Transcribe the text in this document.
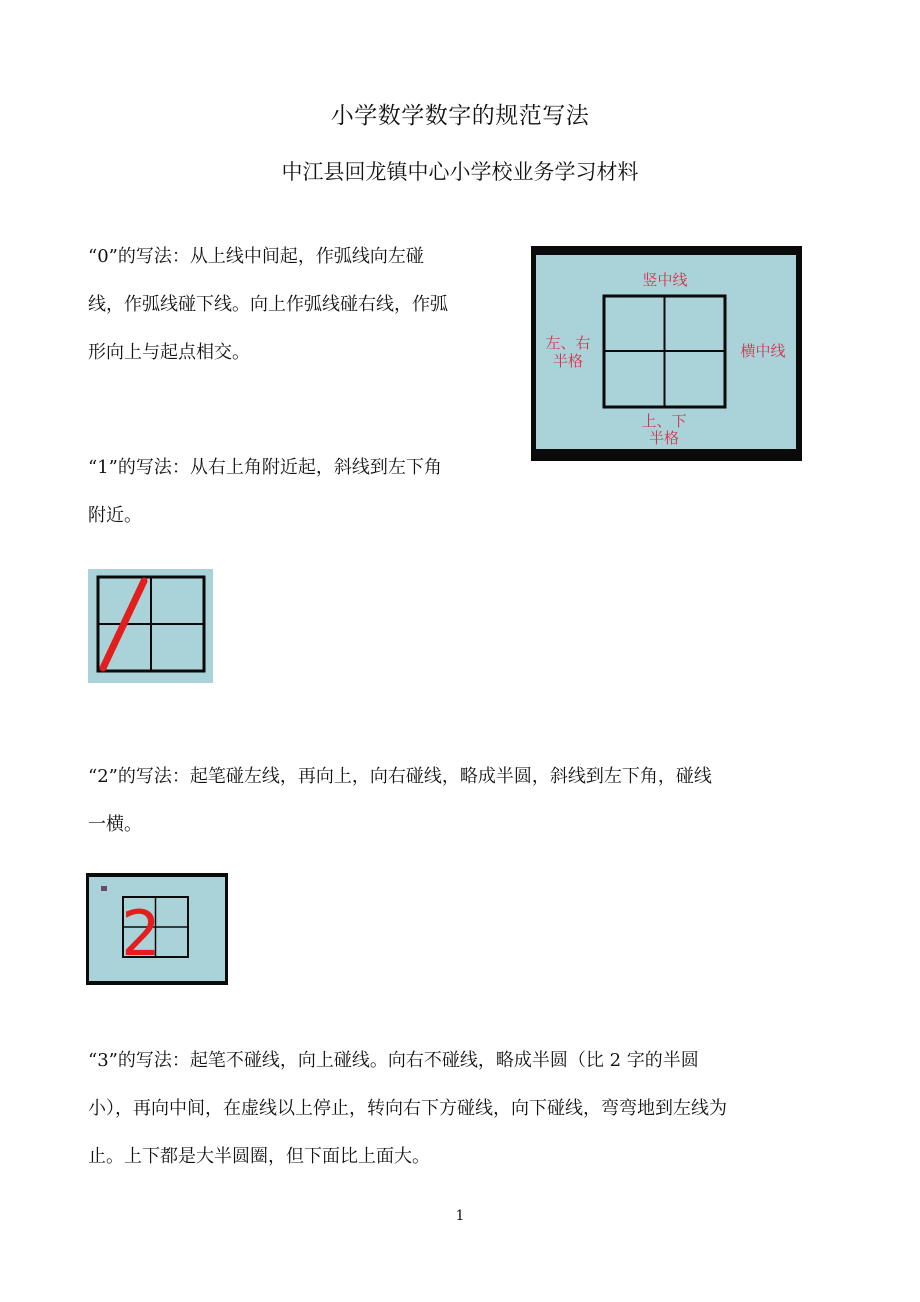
小学数学数字的规范写法
中江县回龙镇中心小学校业务学习材料
“0”的写法：从上线中间起，作弧线向左碰
线，作弧线碰下线。向上作弧线碰右线，作弧
形向上与起点相交。
竖中线
左、右
半格
横中线
上、下
半格
“1”的写法：从右上角附近起，斜线到左下角
附近。
“2”的写法：起笔碰左线，再向上，向右碰线，略成半圆，斜线到左下角，碰线
一横。
2
“3”的写法：起笔不碰线，向上碰线。向右不碰线，略成半圆（比 2 字的半圆
小），再向中间，在虚线以上停止，转向右下方碰线，向下碰线，弯弯地到左线为
止。上下都是大半圆圈，但下面比上面大。
1
